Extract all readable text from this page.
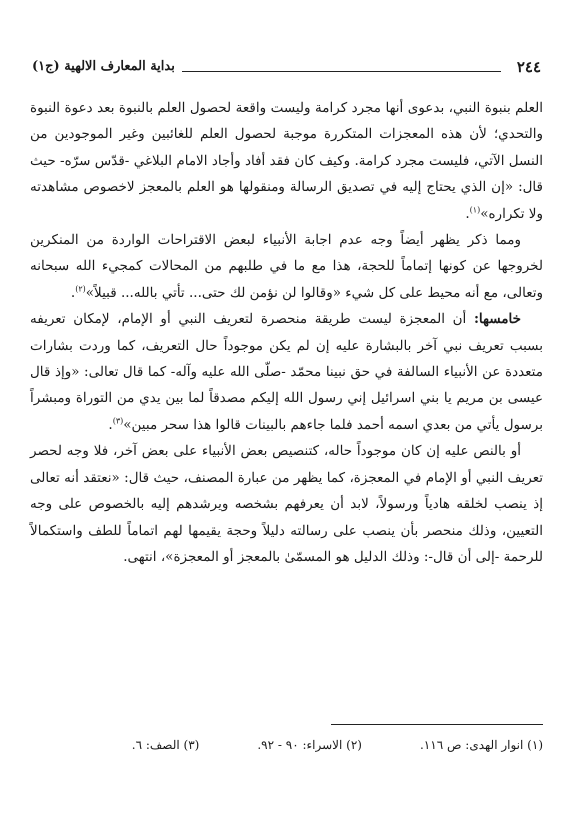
٢٤٤
بداية المعارف الالهية (ج١)

العلم بنبوة النبي، بدعوى أنها مجرد كرامة وليست واقعة لحصول العلم بالنبوة بعد دعوة النبوة والتحدي؛ لأن هذه المعجزات المتكررة موجبة لحصول العلم للغائبين وغير الموجودين من النسل الآتي، فليست مجرد كرامة. وكيف كان فقد أفاد وأجاد الامام البلاغي -قدّس سرّه- حيث قال: «إن الذي يحتاج إليه في تصديق الرسالة ومنقولها هو العلم بالمعجز لاخصوص مشاهدته ولا تكراره»$^{(١)}$.

ومما ذكر يظهر أيضاً وجه عدم اجابة الأنبياء لبعض الاقتراحات الواردة من المنكرين لخروجها عن كونها إتماماً للحجة، هذا مع ما في طلبهم من المحالات كمجيء الله سبحانه وتعالى، مع أنه محيط على كل شيء «وقالوا لن نؤمن لك حتى... تأتي بالله... قبيلاً»$^{(٢)}$.

خامسها: أن المعجزة ليست طريقة منحصرة لتعريف النبي أو الإمام، لإمكان تعريفه بسبب تعريف نبي آخر بالبشارة عليه إن لم يكن موجوداً حال التعريف، كما وردت بشارات متعددة عن الأنبياء السالفة في حق نبينا محمّد -صلّى الله عليه وآله- كما قال تعالى: «وإذ قال عيسى بن مريم يا بني اسرائيل إني رسول الله إليكم مصدقاً لما بين يدي من التوراة ومبشراً برسول يأتي من بعدي اسمه أحمد فلما جاءهم بالبينات قالوا هذا سحر مبين»$^{(٣)}$.

أو بالنص عليه إن كان موجوداً حاله، كتنصيص بعض الأنبياء على بعض آخر، فلا وجه لحصر تعريف النبي أو الإمام في المعجزة، كما يظهر من عبارة المصنف، حيث قال: «نعتقد أنه تعالى إذ ينصب لخلقه هادياً ورسولاً، لابد أن يعرفهم بشخصه ويرشدهم إليه بالخصوص على وجه التعيين، وذلك منحصر بأن ينصب على رسالته دليلاً وحجة يقيمها لهم اتماماً للطف واستكمالاً للرحمة -إلى أن قال-: وذلك الدليل هو المسمّىٰ بالمعجز أو المعجزة»، انتهى.

(١) انوار الهدى: ص ١١٦.
(٢) الاسراء: ٩٠ - ٩٢.
(٣) الصف: ٦.
